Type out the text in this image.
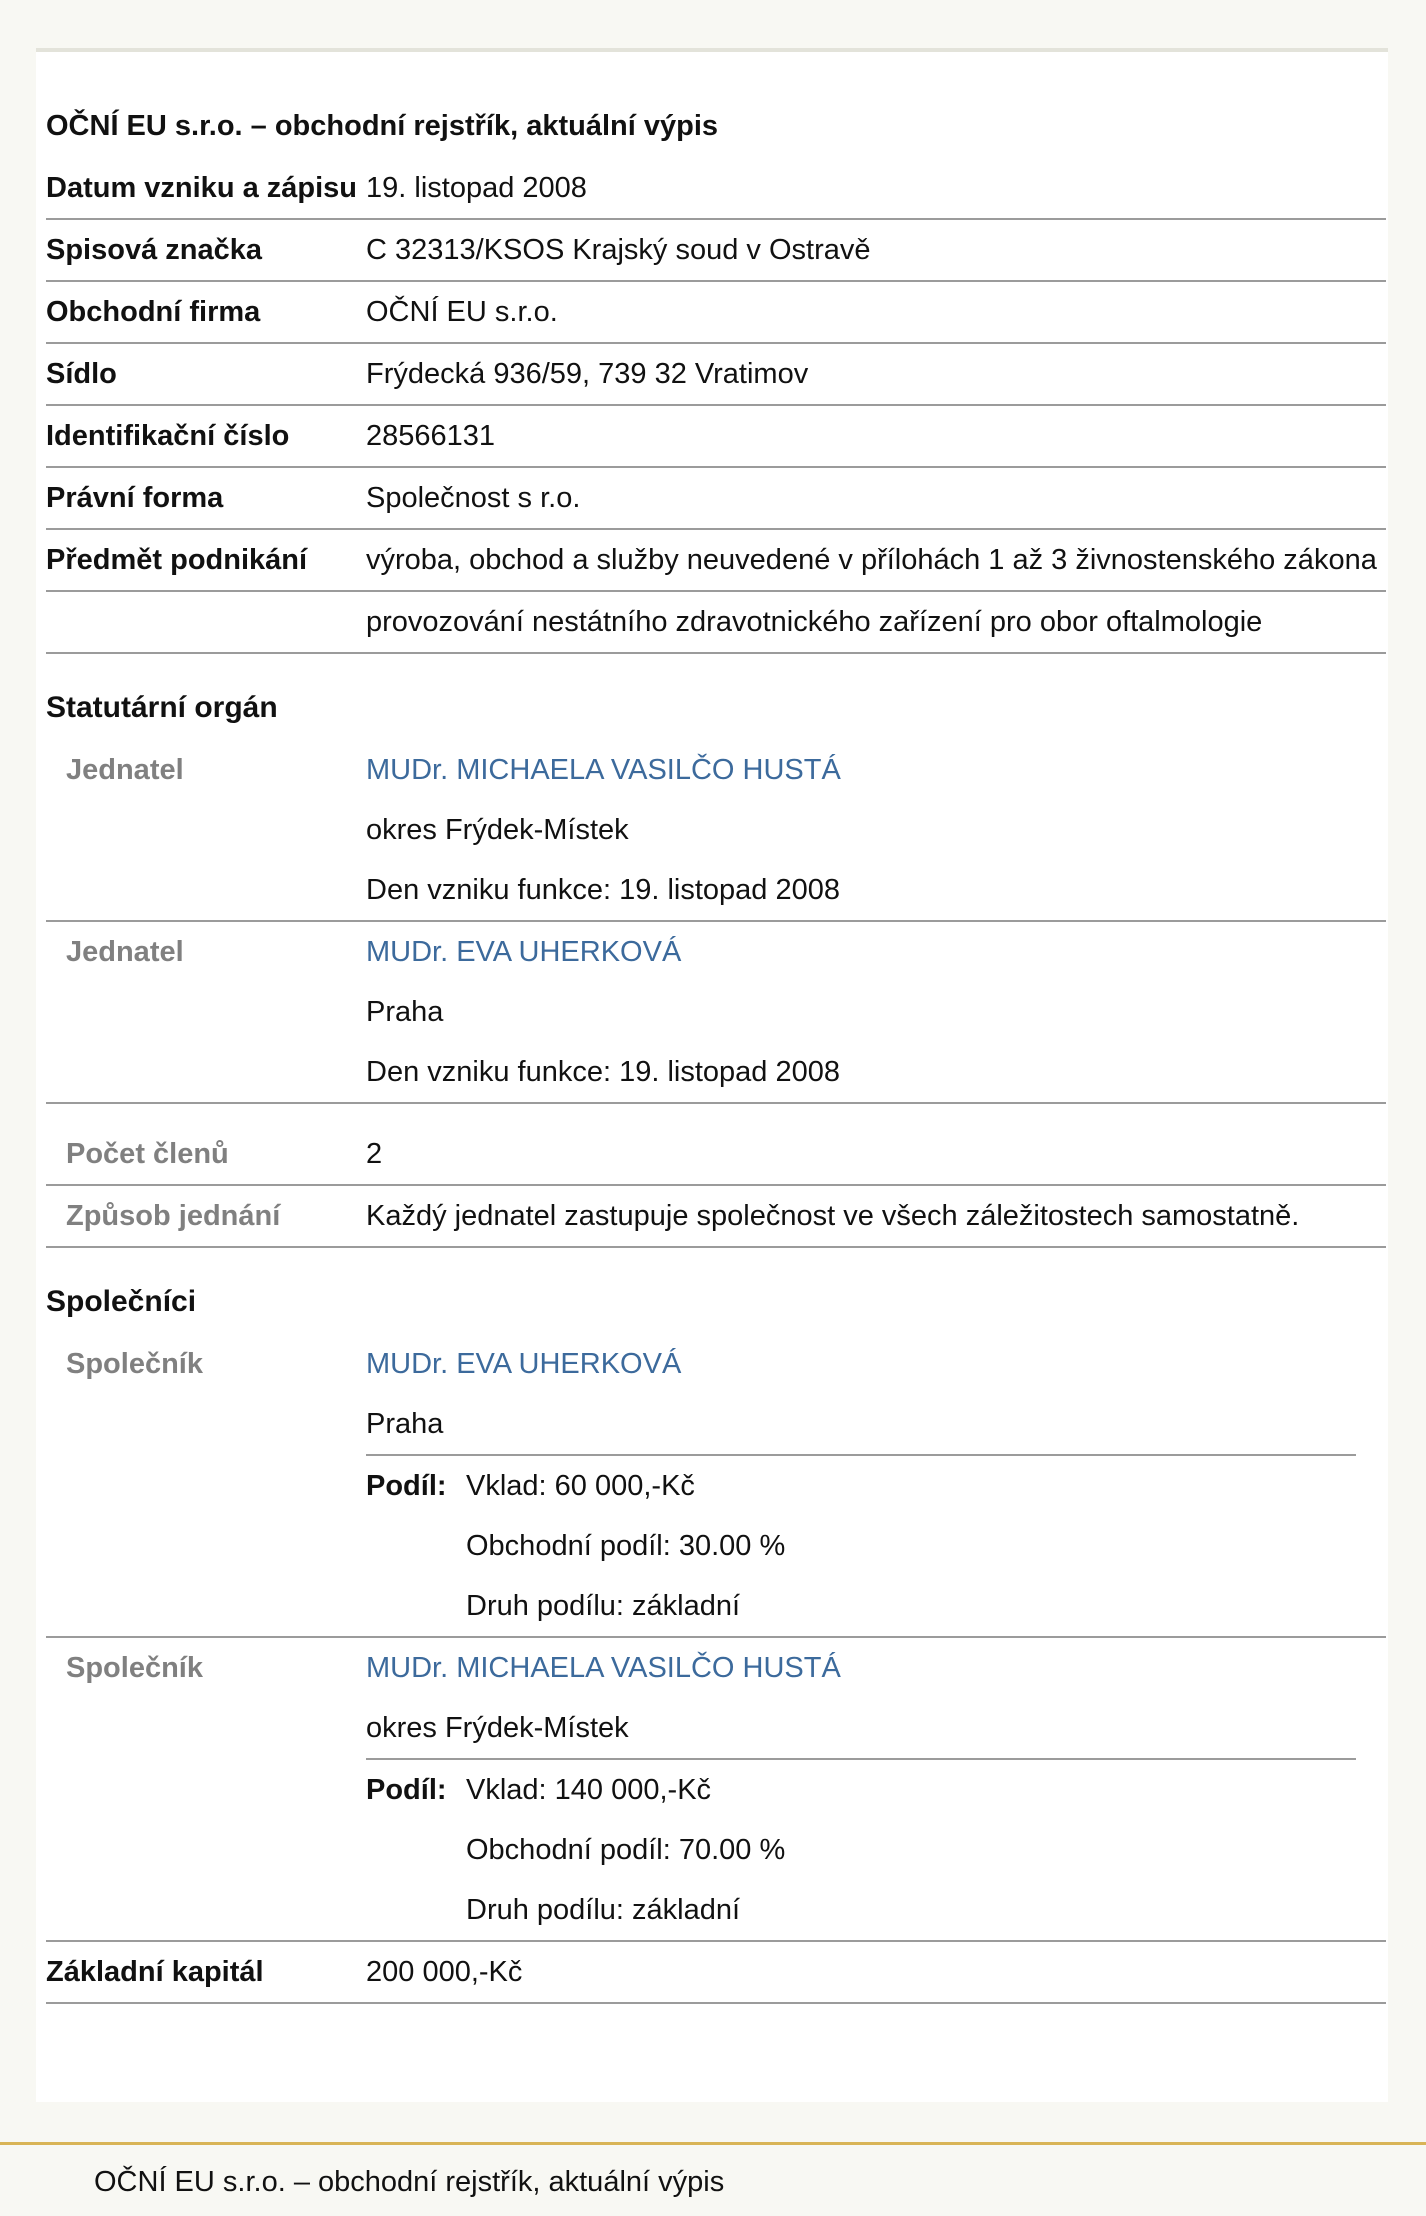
OČNÍ EU s.r.o. – obchodní rejstřík, aktuální výpis
Datum vzniku a zápisu 19. listopad 2008
Spisová značka	C 32313/KSOS Krajský soud v Ostravě
Obchodní firma	OČNÍ EU s.r.o.
Sídlo	Frýdecká 936/59, 739 32 Vratimov
Identifikační číslo	28566131
Právní forma	Společnost s r.o.
Předmět podnikání	výroba, obchod a služby neuvedené v přílohách 1 až 3 živnostenského zákona
provozování nestátního zdravotnického zařízení pro obor oftalmologie
Statutární orgán
Jednatel	MUDr. MICHAELA VASILČO HUSTÁ
okres Frýdek-Místek
Den vzniku funkce: 19. listopad 2008
Jednatel	MUDr. EVA UHERKOVÁ
Praha
Den vzniku funkce: 19. listopad 2008
Počet členů	2
Způsob jednání	Každý jednatel zastupuje společnost ve všech záležitostech samostatně.
Společníci
Společník	MUDr. EVA UHERKOVÁ
Praha
Podíl: Vklad: 60 000,-Kč
Obchodní podíl: 30.00 %
Druh podílu: základní
Společník	MUDr. MICHAELA VASILČO HUSTÁ
okres Frýdek-Místek
Podíl: Vklad: 140 000,-Kč
Obchodní podíl: 70.00 %
Druh podílu: základní
Základní kapitál	200 000,-Kč
OČNÍ EU s.r.o. – obchodní rejstřík, aktuální výpis
